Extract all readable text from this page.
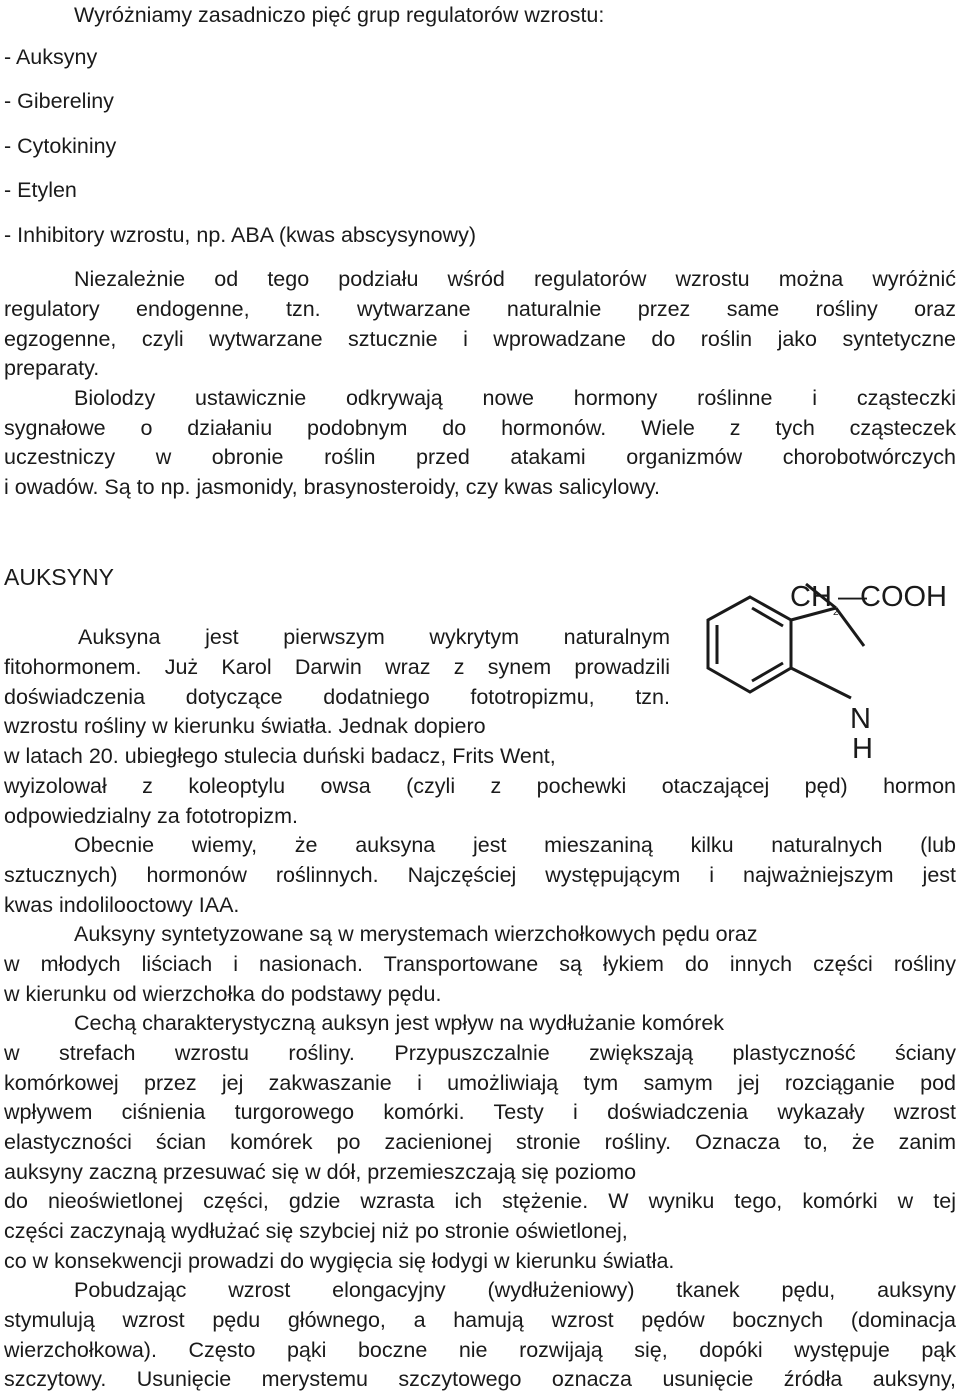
Wyróżniamy zasadniczo pięć grup regulatorów wzrostu:
- Auksyny
- Gibereliny
- Cytokininy
- Etylen
- Inhibitory wzrostu, np. ABA (kwas abscysynowy)
Niezależnie od tego podziału wśród regulatorów wzrostu można wyróżnić
regulatory endogenne, tzn. wytwarzane naturalnie przez same rośliny oraz
egzogenne, czyli wytwarzane sztucznie i wprowadzane do roślin jako syntetyczne
preparaty.
Biolodzy ustawicznie odkrywają nowe hormony roślinne i cząsteczki
sygnałowe o działaniu podobnym do hormonów. Wiele z tych cząsteczek
uczestniczy w obronie roślin przed atakami organizmów chorobotwórczych
i owadów. Są to np. jasmonidy, brasynosteroidy, czy kwas salicylowy.
AUKSYNY
CH 2 —
COOH
N
H
Auksyna jest pierwszym wykrytym naturalnym
fitohormonem. Już Karol Darwin wraz z synem prowadzili
doświadczenia dotyczące dodatniego fototropizmu, tzn.
wzrostu rośliny w kierunku światła. Jednak dopiero
w latach 20. ubiegłego stulecia duński badacz, Frits Went,
wyizolował z koleoptylu owsa (czyli z pochewki otaczającej pęd) hormon
odpowiedzialny za fototropizm.
Obecnie wiemy, że auksyna jest mieszaniną kilku naturalnych (lub
sztucznych) hormonów roślinnych. Najczęściej występującym i najważniejszym jest
kwas indolilooctowy IAA.
Auksyny syntetyzowane są w merystemach wierzchołkowych pędu oraz
w młodych liściach i nasionach. Transportowane są łykiem do innych części rośliny
w kierunku od wierzchołka do podstawy pędu.
Cechą charakterystyczną auksyn jest wpływ na wydłużanie komórek
w strefach wzrostu rośliny. Przypuszczalnie zwiększają plastyczność ściany
komórkowej przez jej zakwaszanie i umożliwiają tym samym jej rozciąganie pod
wpływem ciśnienia turgorowego komórki. Testy i doświadczenia wykazały wzrost
elastyczności ścian komórek po zacienionej stronie rośliny. Oznacza to, że zanim
auksyny zaczną przesuwać się w dół, przemieszczają się poziomo
do nieoświetlonej części, gdzie wzrasta ich stężenie. W wyniku tego, komórki w tej
części zaczynają wydłużać się szybciej niż po stronie oświetlonej,
co w konsekwencji prowadzi do wygięcia się łodygi w kierunku światła.
Pobudzając wzrost elongacyjny (wydłużeniowy) tkanek pędu, auksyny
stymulują wzrost pędu głównego, a hamują wzrost pędów bocznych (dominacja
wierzchołkowa). Często pąki boczne nie rozwijają się, dopóki występuje pąk
szczytowy. Usunięcie merystemu szczytowego oznacza usunięcie źródła auksyny,
